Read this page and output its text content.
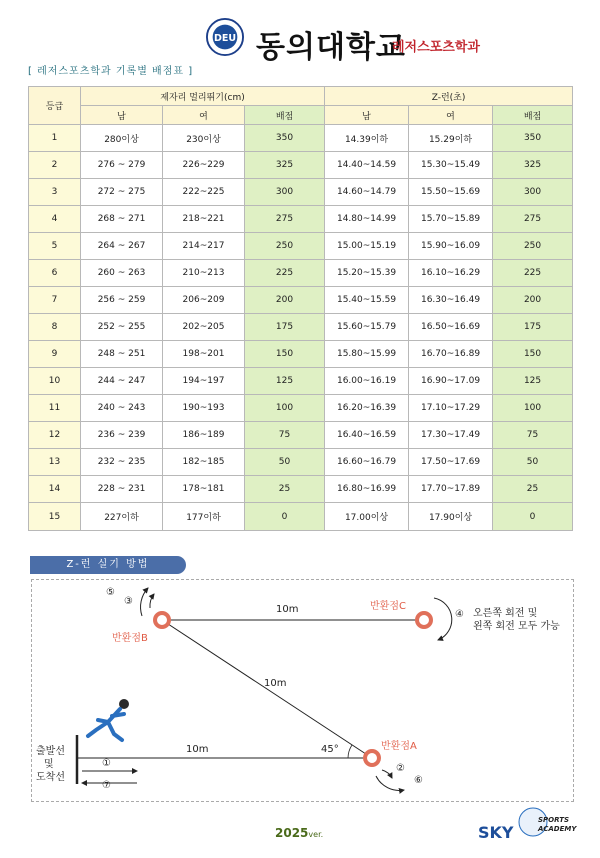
DEU 동의대학교
레저스포츠학과
[ 레저스포츠학과 기록별 배점표 ]
등급	제자리 멀리뛰기(cm)			Z-런(초)		
	남	여	배점	남	여	배점
1	280이상	230이상	350	14.39이하	15.29이하	350
2	276 ~ 279	226~229	325	14.40~14.59	15.30~15.49	325
3	272 ~ 275	222~225	300	14.60~14.79	15.50~15.69	300
4	268 ~ 271	218~221	275	14.80~14.99	15.70~15.89	275
5	264 ~ 267	214~217	250	15.00~15.19	15.90~16.09	250
6	260 ~ 263	210~213	225	15.20~15.39	16.10~16.29	225
7	256 ~ 259	206~209	200	15.40~15.59	16.30~16.49	200
8	252 ~ 255	202~205	175	15.60~15.79	16.50~16.69	175
9	248 ~ 251	198~201	150	15.80~15.99	16.70~16.89	150
10	244 ~ 247	194~197	125	16.00~16.19	16.90~17.09	125
11	240 ~ 243	190~193	100	16.20~16.39	17.10~17.29	100
12	236 ~ 239	186~189	75	16.40~16.59	17.30~17.49	75
13	232 ~ 235	182~185	50	16.60~16.79	17.50~17.69	50
14	228 ~ 231	178~181	25	16.80~16.99	17.70~17.89	25
15	227이하	177이하	0	17.00이상	17.90이상	0
Z-런 실기 방법
10m
10m
10m	45°
반환점B
반환점C
반환점A
④ 오른쪽 회전 및
왼쪽 회전 모두 가능
⑤
③
②
⑥
①
⑦
출발선
및
도착선
2025ver.	SKY
SPORTS
ACADEMY
